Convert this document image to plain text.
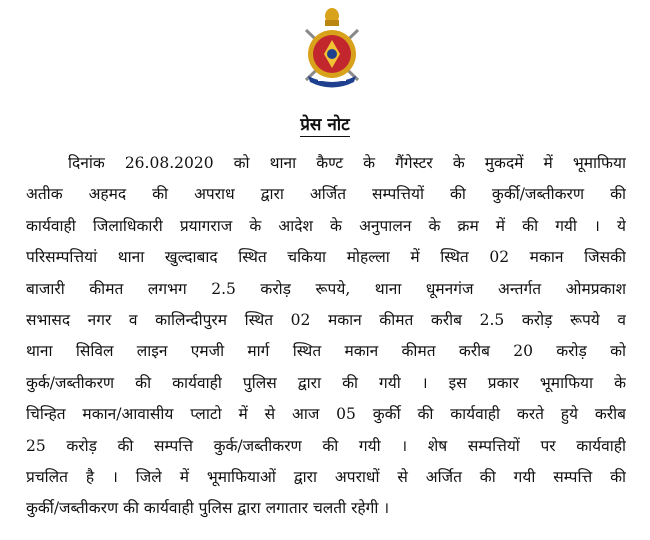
प्रेस नोट

दिनांक 26.08.2020 को थाना कैण्ट के गैंगेस्टर के मुकदमें में भूमाफिया
अतीक अहमद की अपराध द्वारा अर्जित सम्पत्तियों की कुर्की/जब्तीकरण की
कार्यवाही जिलाधिकारी प्रयागराज के आदेश के अनुपालन के क्रम में की गयी । ये
परिसम्पत्तियां थाना खुल्दाबाद स्थित चकिया मोहल्ला में स्थित 02 मकान जिसकी
बाजारी कीमत लगभग 2.5 करोड़ रूपये, थाना धूमनगंज अन्तर्गत ओमप्रकाश
सभासद नगर व कालिन्दीपुरम स्थित 02 मकान कीमत करीब 2.5 करोड़ रूपये व
थाना सिविल लाइन एमजी मार्ग स्थित मकान कीमत करीब 20 करोड़ को
कुर्क/जब्तीकरण की कार्यवाही पुलिस द्वारा की गयी । इस प्रकार भूमाफिया के
चिन्हित मकान/आवासीय प्लाटो में से आज 05 कुर्की की कार्यवाही करते हुये करीब
25 करोड़ की सम्पत्ति कुर्क/जब्तीकरण की गयी । शेष सम्पत्तियों पर कार्यवाही
प्रचलित है । जिले में भूमाफियाओं द्वारा अपराधों से अर्जित की गयी सम्पत्ति की
कुर्की/जब्तीकरण की कार्यवाही पुलिस द्वारा लगातार चलती रहेगी ।
